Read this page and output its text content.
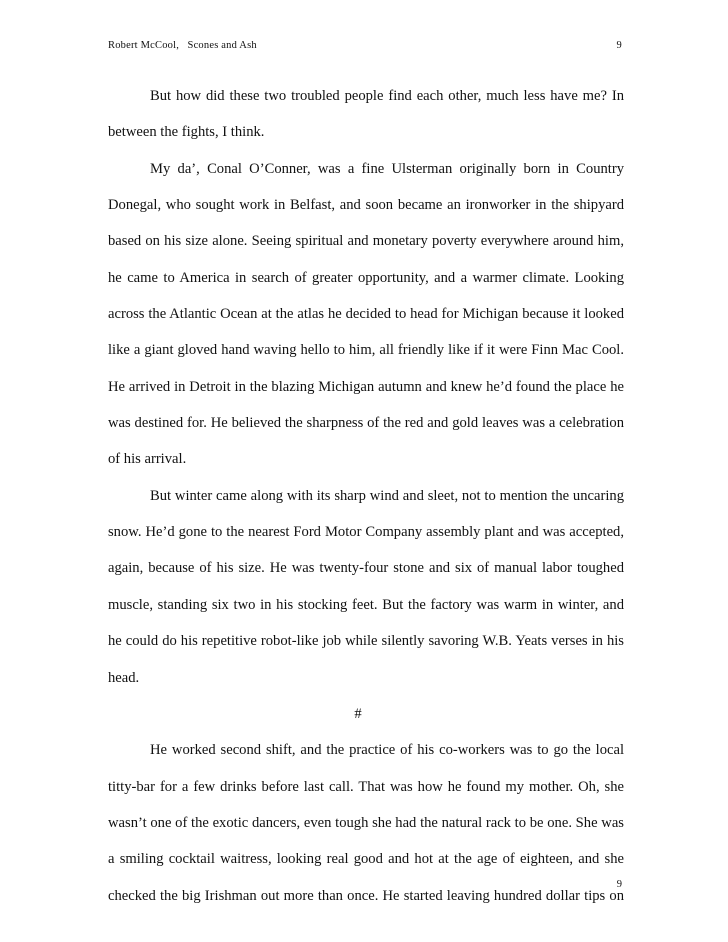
Robert McCool, Scones and Ash	9

But how did these two troubled people find each other, much less have me? In between the fights, I think.

My da’, Conal O’Conner, was a fine Ulsterman originally born in Country Donegal, who sought work in Belfast, and soon became an ironworker in the shipyard based on his size alone. Seeing spiritual and monetary poverty everywhere around him, he came to America in search of greater opportunity, and a warmer climate. Looking across the Atlantic Ocean at the atlas he decided to head for Michigan because it looked like a giant gloved hand waving hello to him, all friendly like if it were Finn Mac Cool. He arrived in Detroit in the blazing Michigan autumn and knew he’d found the place he was destined for. He believed the sharpness of the red and gold leaves was a celebration of his arrival.

But winter came along with its sharp wind and sleet, not to mention the uncaring snow. He’d gone to the nearest Ford Motor Company assembly plant and was accepted, again, because of his size. He was twenty-four stone and six of manual labor toughed muscle, standing six two in his stocking feet. But the factory was warm in winter, and he could do his repetitive robot-like job while silently savoring W.B. Yeats verses in his head.

#

He worked second shift, and the practice of his co-workers was to go the local titty-bar for a few drinks before last call. That was how he found my mother. Oh, she wasn’t one of the exotic dancers, even tough she had the natural rack to be one. She was a smiling cocktail waitress, looking real good and hot at the age of eighteen, and she checked the big Irishman out more than once. He started leaving hundred dollar tips on

9
